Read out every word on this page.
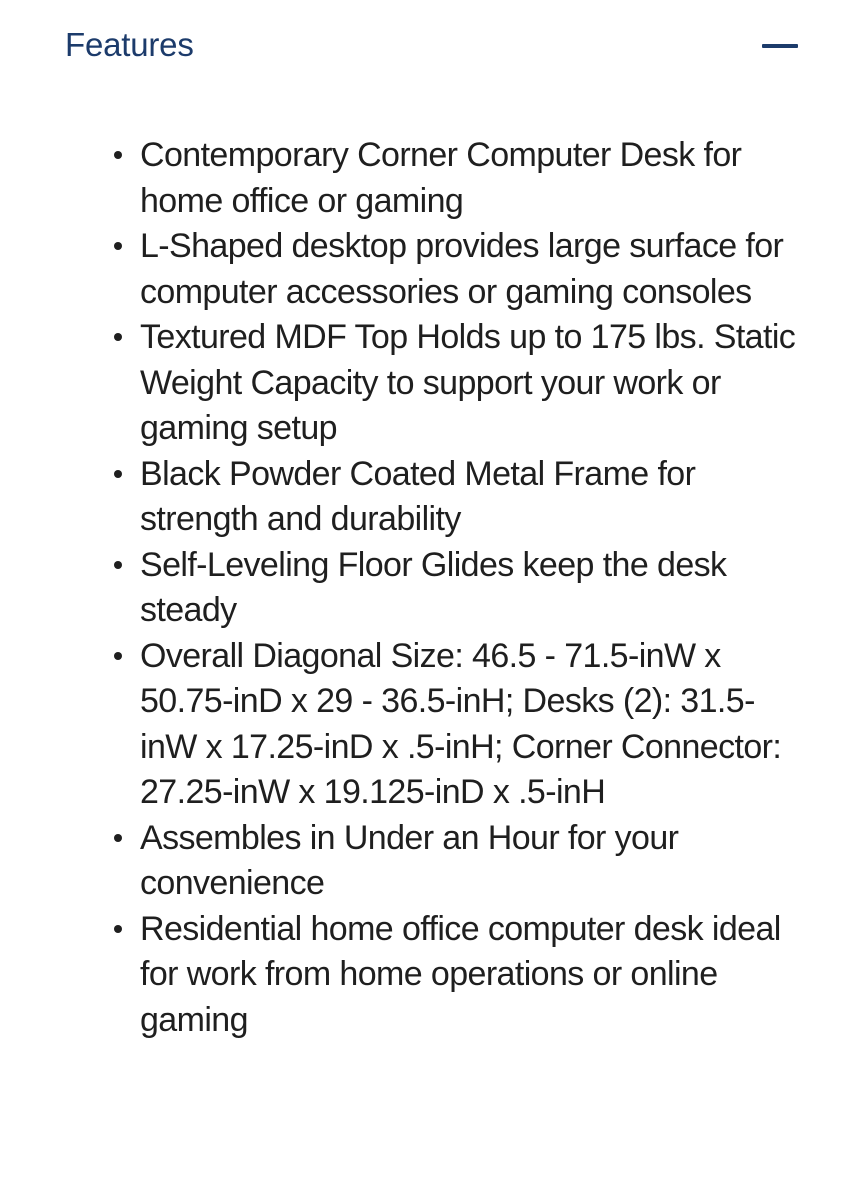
Features
Contemporary Corner Computer Desk for home office or gaming
L-Shaped desktop provides large surface for computer accessories or gaming consoles
Textured MDF Top Holds up to 175 lbs. Static Weight Capacity to support your work or gaming setup
Black Powder Coated Metal Frame for strength and durability
Self-Leveling Floor Glides keep the desk steady
Overall Diagonal Size: 46.5 - 71.5-inW x 50.75-inD x 29 - 36.5-inH; Desks (2): 31.5-inW x 17.25-inD x .5-inH; Corner Connector: 27.25-inW x 19.125-inD x .5-inH
Assembles in Under an Hour for your convenience
Residential home office computer desk ideal for work from home operations or online gaming
